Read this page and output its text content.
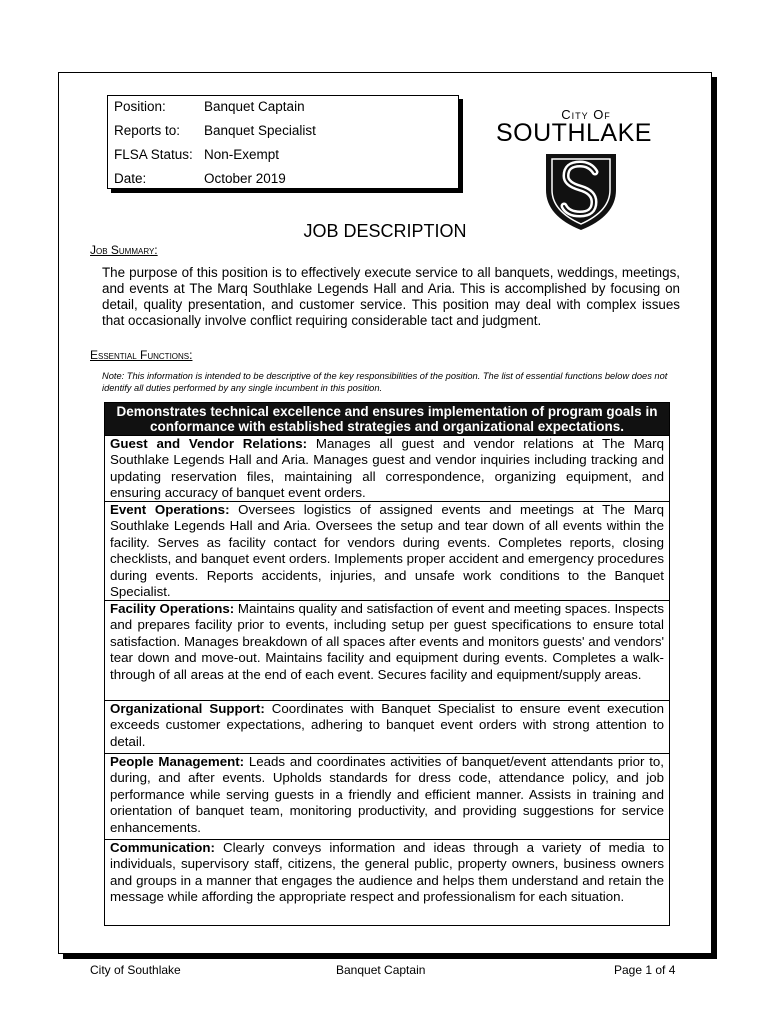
Position:	Banquet Captain
Reports to: Banquet Specialist
FLSA Status: Non-Exempt
Date:	October 2019
City Of
SOUTHLAKE
JOB DESCRIPTION
Job Summary:
The purpose of this position is to effectively execute service to all banquets, weddings, meetings, and events at The Marq Southlake Legends Hall and Aria. This is accomplished by focusing on detail, quality presentation, and customer service. This position may deal with complex issues that occasionally involve conflict requiring considerable tact and judgment.
Essential Functions:
Note: This information is intended to be descriptive of the key responsibilities of the position. The list of essential functions below does not identify all duties performed by any single incumbent in this position.
Demonstrates technical excellence and ensures implementation of program goals in conformance with established strategies and organizational expectations.
Guest and Vendor Relations: Manages all guest and vendor relations at The Marq Southlake Legends Hall and Aria. Manages guest and vendor inquiries including tracking and updating reservation files, maintaining all correspondence, organizing equipment, and ensuring accuracy of banquet event orders.
Event Operations: Oversees logistics of assigned events and meetings at The Marq Southlake Legends Hall and Aria. Oversees the setup and tear down of all events within the facility. Serves as facility contact for vendors during events. Completes reports, closing checklists, and banquet event orders. Implements proper accident and emergency procedures during events. Reports accidents, injuries, and unsafe work conditions to the Banquet Specialist.
Facility Operations: Maintains quality and satisfaction of event and meeting spaces. Inspects and prepares facility prior to events, including setup per guest specifications to ensure total satisfaction. Manages breakdown of all spaces after events and monitors guests' and vendors' tear down and move-out. Maintains facility and equipment during events. Completes a walk-through of all areas at the end of each event. Secures facility and equipment/supply areas.
Organizational Support: Coordinates with Banquet Specialist to ensure event execution exceeds customer expectations, adhering to banquet event orders with strong attention to detail.
People Management: Leads and coordinates activities of banquet/event attendants prior to, during, and after events. Upholds standards for dress code, attendance policy, and job performance while serving guests in a friendly and efficient manner. Assists in training and orientation of banquet team, monitoring productivity, and providing suggestions for service enhancements.
Communication: Clearly conveys information and ideas through a variety of media to individuals, supervisory staff, citizens, the general public, property owners, business owners and groups in a manner that engages the audience and helps them understand and retain the message while affording the appropriate respect and professionalism for each situation.
City of Southlake	Banquet Captain	Page 1 of 4
